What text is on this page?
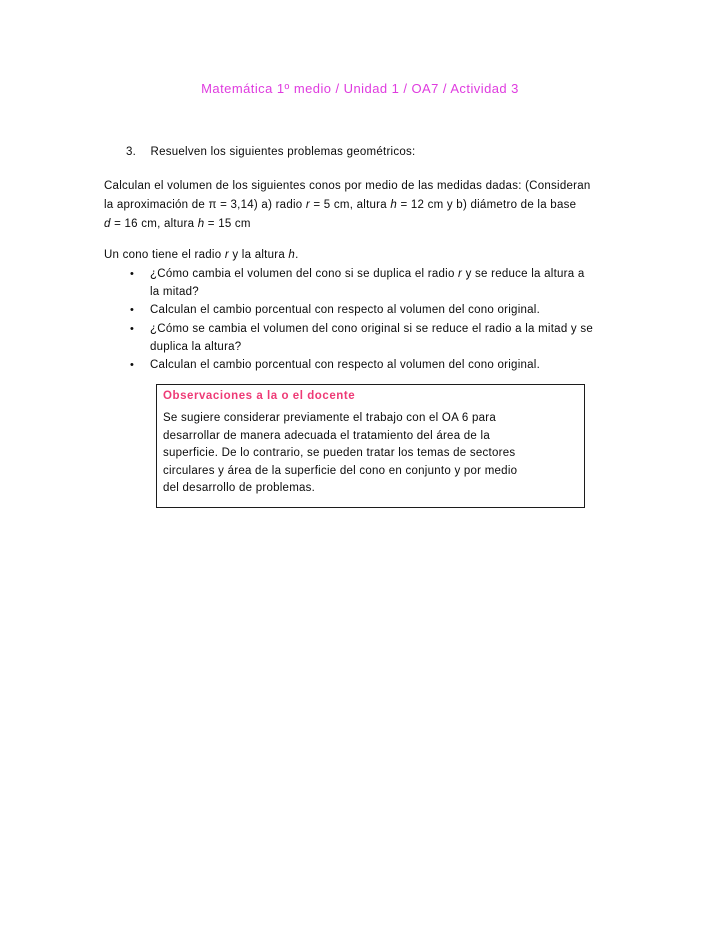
Matemática 1º medio / Unidad 1 / OA7 / Actividad 3
3. Resuelven los siguientes problemas geométricos:
Calculan el volumen de los siguientes conos por medio de las medidas dadas: (Consideran
la aproximación de π = 3,14) a) radio r = 5 cm, altura h = 12 cm y b) diámetro de la base
d = 16 cm, altura h = 15 cm
Un cono tiene el radio r y la altura h.
• ¿Cómo cambia el volumen del cono si se duplica el radio r y se reduce la altura a
la mitad?
• Calculan el cambio porcentual con respecto al volumen del cono original.
• ¿Cómo se cambia el volumen del cono original si se reduce el radio a la mitad y se
duplica la altura?
• Calculan el cambio porcentual con respecto al volumen del cono original.
Observaciones a la o el docente
Se sugiere considerar previamente el trabajo con el OA 6 para
desarrollar de manera adecuada el tratamiento del área de la
superficie. De lo contrario, se pueden tratar los temas de sectores
circulares y área de la superficie del cono en conjunto y por medio
del desarrollo de problemas.
